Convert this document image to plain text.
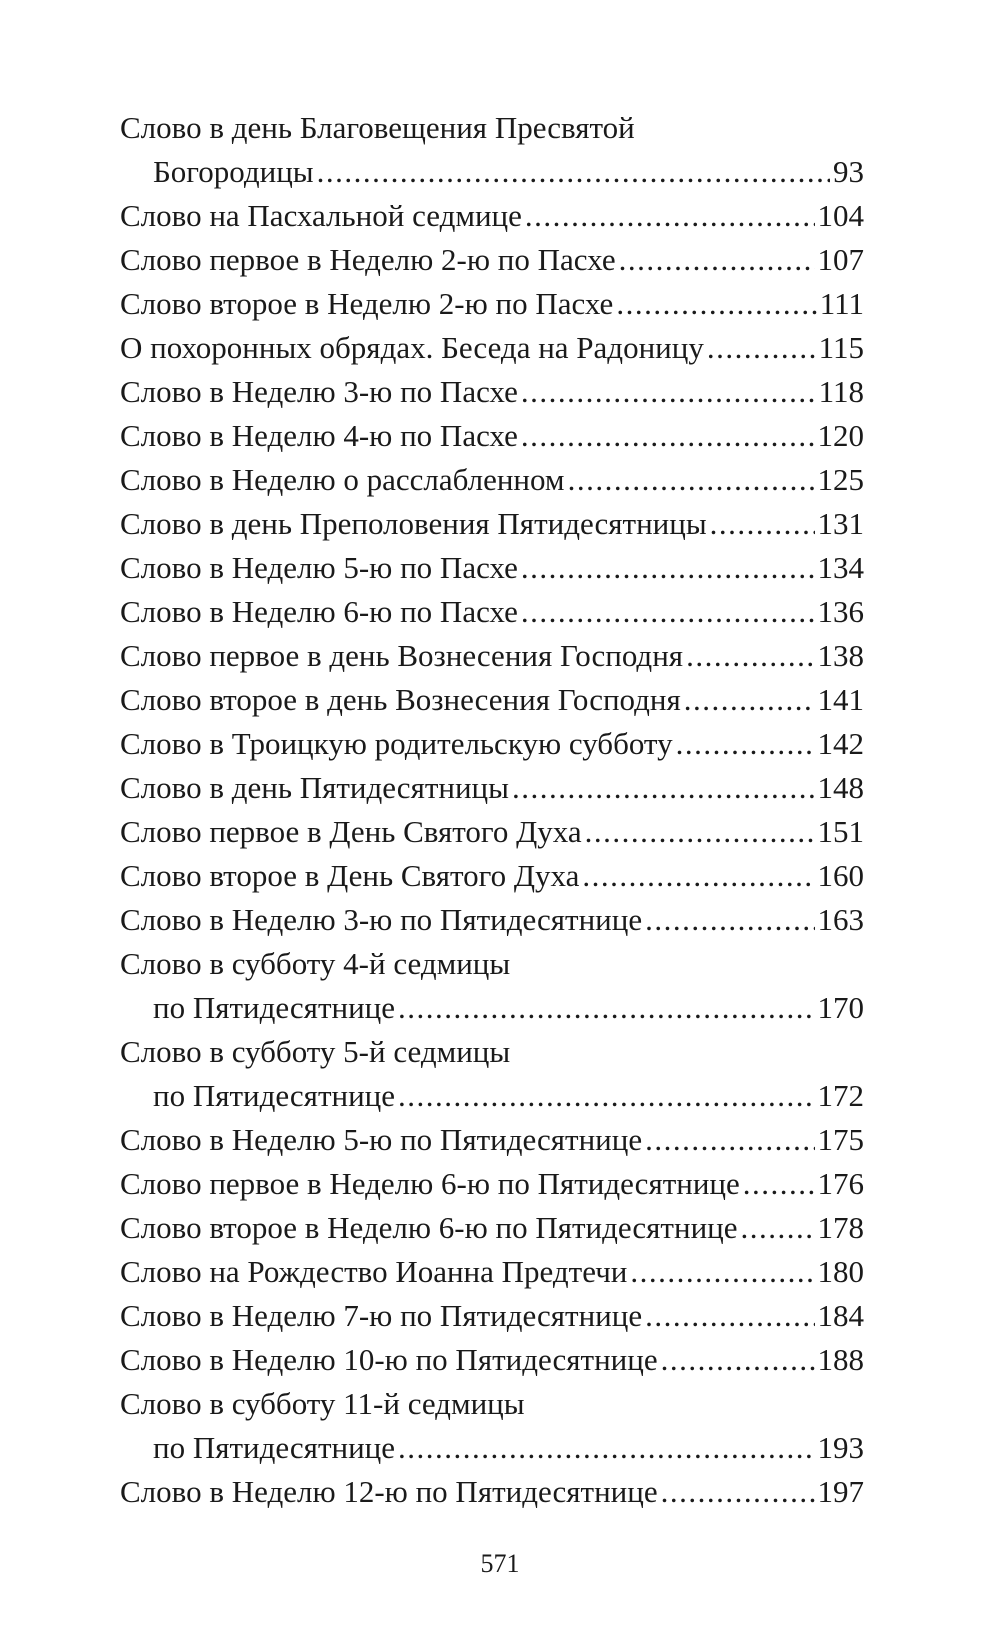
Слово в день Благовещения Пресвятой
Богородицы .....	93
Слово на Пасхальной седмице .....	104
Слово первое в Неделю 2-ю по Пасхе .....	107
Слово второе в Неделю 2-ю по Пасхе .....	111
О похоронных обрядах. Беседа на Радоницу .....	115
Слово в Неделю 3-ю по Пасхе .....	118
Слово в Неделю 4-ю по Пасхе .....	120
Слово в Неделю о расслабленном .....	125
Слово в день Преполовения Пятидесятницы .....	131
Слово в Неделю 5-ю по Пасхе .....	134
Слово в Неделю 6-ю по Пасхе .....	136
Слово первое в день Вознесения Господня .....	138
Слово второе в день Вознесения Господня .....	141
Слово в Троицкую родительскую субботу .....	142
Слово в день Пятидесятницы .....	148
Слово первое в День Святого Духа .....	151
Слово второе в День Святого Духа .....	160
Слово в Неделю 3-ю по Пятидесятнице .....	163
Слово в субботу 4-й седмицы
по Пятидесятнице .....	170
Слово в субботу 5-й седмицы
по Пятидесятнице .....	172
Слово в Неделю 5-ю по Пятидесятнице .....	175
Слово первое в Неделю 6-ю по Пятидесятнице .....	176
Слово второе в Неделю 6-ю по Пятидесятнице .....	178
Слово на Рождество Иоанна Предтечи .....	180
Слово в Неделю 7-ю по Пятидесятнице .....	184
Слово в Неделю 10-ю по Пятидесятнице .....	188
Слово в субботу 11-й седмицы
по Пятидесятнице .....	193
Слово в Неделю 12-ю по Пятидесятнице .....	197
571
